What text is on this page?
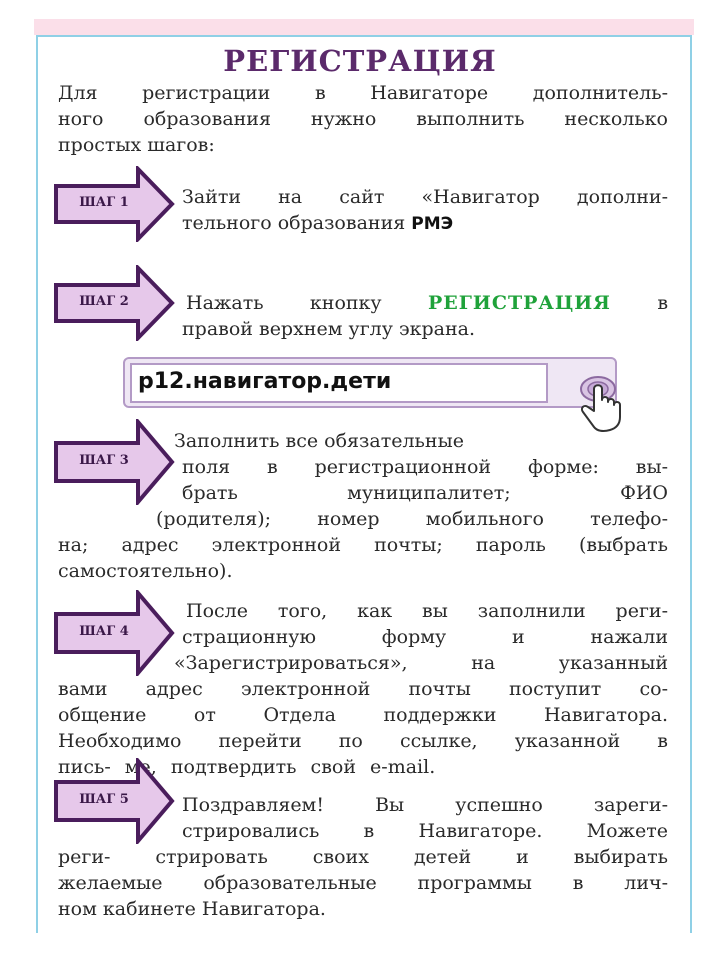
РЕГИСТРАЦИЯ
Для регистрации в Навигаторе дополнитель-
ного образования нужно выполнить несколько
простых шагов:
ШАГ 1	Зайти на сайт «Навигатор дополни-
тельного образования РМЭ
ШАГ 2	Нажать кнопку РЕГИСТРАЦИЯ в
правой верхнем углу экрана.
р12.навигатор.дети
ШАГ 3
Заполнить все обязательные
поля в регистрационной форме: вы-
брать муниципалитет; ФИО
(родителя); номер мобильного телефо-
на; адрес электронной почты; пароль (выбрать
самостоятельно).
ШАГ 4
После того, как вы заполнили реги-
страционную форму и нажали
«Зарегистрироваться», на указанный
вами адрес электронной почты поступит со-
общение от Отдела поддержки Навигатора.
Необходимо перейти по ссылке, указанной в
пись- ме, подтвердить свой e-mail.
ШАГ 5	Поздравляем! Вы успешно зареги-
стрировались в Навигаторе. Можете
реги- стрировать своих детей и выбирать
желаемые образовательные программы в лич-
ном кабинете Навигатора.
